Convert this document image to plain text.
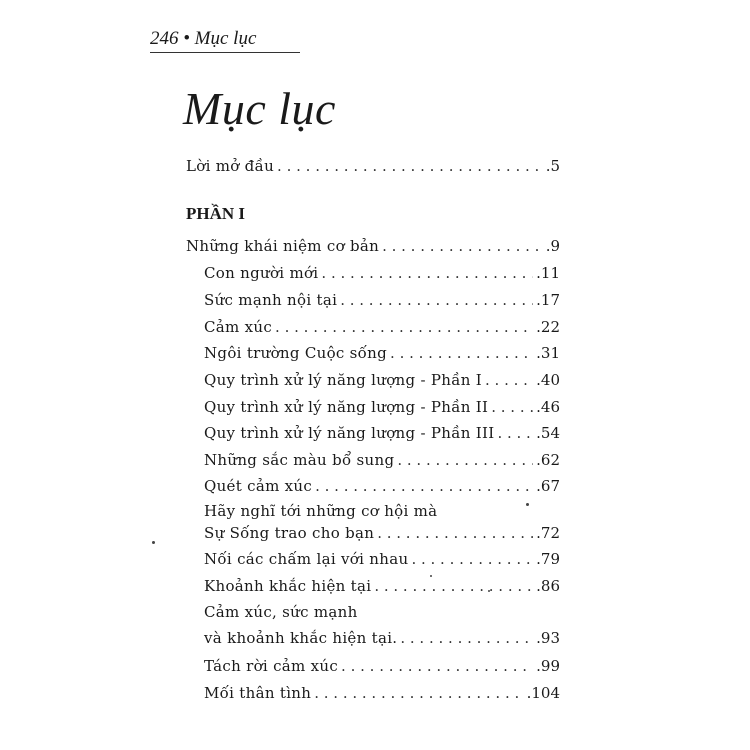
246 • Mục lục
Mục lục
Lời mở đầu . . .	.5
PHẦN I
Những khái niệm cơ bản . . .	.9
Con người mới . . .	.11
Sức mạnh nội tại . . .	.17
Cảm xúc . . .	.22
Ngôi trường Cuộc sống . . .	.31
Quy trình xử lý năng lượng - Phần I . . .	.40
Quy trình xử lý năng lượng - Phần II . . .	.46
Quy trình xử lý năng lượng - Phần III . . .	.54
Những sắc màu bổ sung . . .	.62
Quét cảm xúc . . .	.67
Hãy nghĩ tới những cơ hội mà
Sự Sống trao cho bạn . . .	.72
Nối các chấm lại với nhau . . .	.79
Khoảnh khắc hiện tại . . .	.86
Cảm xúc, sức mạnh
và khoảnh khắc hiện tại. . . .	.93
Tách rời cảm xúc . . .	.99
Mối thân tình . . .	.104
